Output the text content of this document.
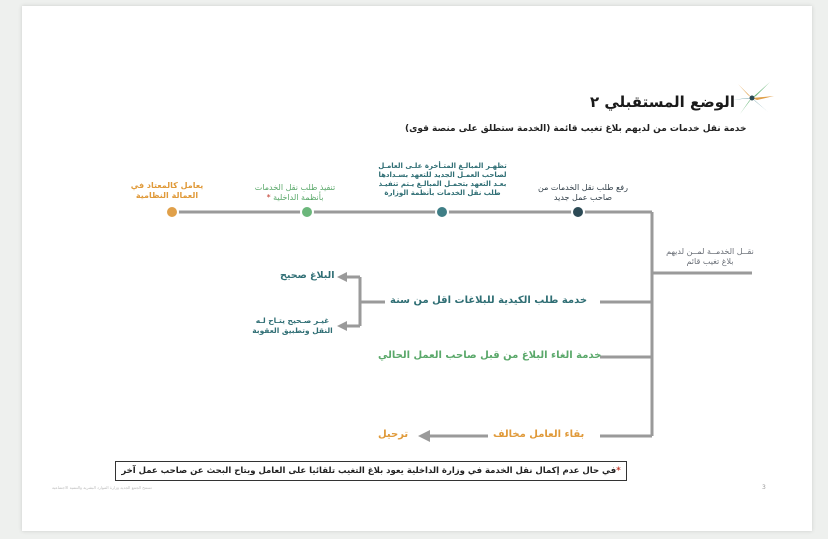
الوضع المستقبلي ٢
خدمة نقل خدمات من لديهم بلاغ تغيب قائمة (الخدمة ستطلق على منصة قوى)
نقــل الخدمــة لمــن لديهم بلاغ تغيب قائم
رفع طلب نقل الخدمات من صاحب عمل جديد
تظهـر المبالـغ المتـأخرة علـى العامـل لصاحب العمـل الجديد للتعهد بسـدادها بعـد التعهد بتحمـل المبالـغ يـتم تنفيـذ طلب نقل الخدمات بأنظمة الوزارة
تنفيذ طلب نقل الخدمات بأنظمة الداخلية *
يعامل كالمعتاد في العمالة النظامية
خدمة طلب الكيدية للبلاغات اقل من سنة
البلاغ صحيح
غيـر صـحيح يتـاح لـه النقل وتطبيق العقوبة
خدمة الغاء البلاغ من قبل صاحب العمل الحالي
بقاء العامل مخالف
ترحيل
*في حال عدم إكمال نقل الخدمة في وزارة الداخلية يعود بلاغ التغيب تلقائيا على العامل ويتاح البحث عن صاحب عمل آخر
تسمح الجمع الجديد وزارة الموارد البشرية والتنمية الاجتماعية	3
